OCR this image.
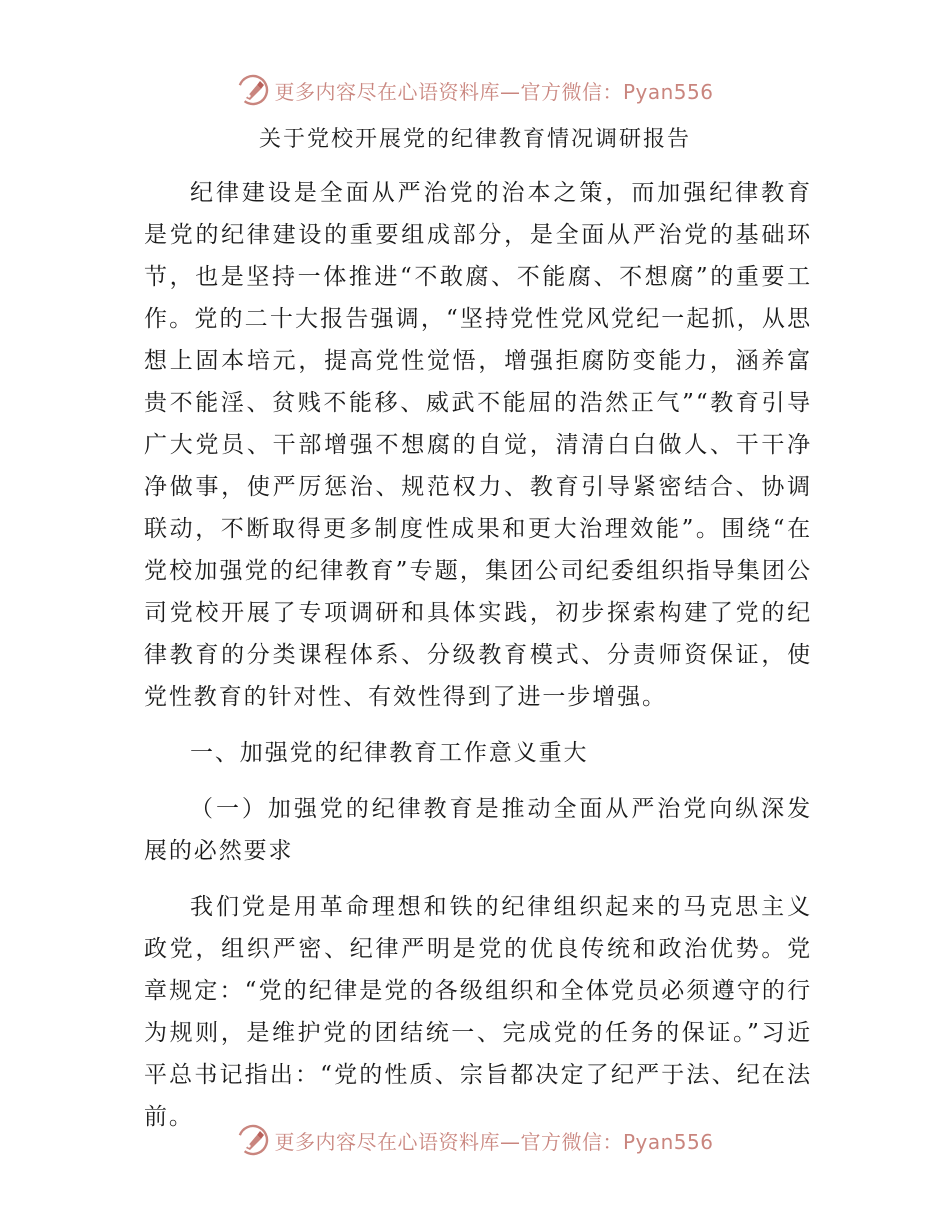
更多内容尽在心语资料库—官方微信：Pyan556
关于党校开展党的纪律教育情况调研报告

纪律建设是全面从严治党的治本之策，而加强纪律教育是党的纪律建设的重要组成部分，是全面从严治党的基础环节，也是坚持一体推进“不敢腐、不能腐、不想腐”的重要工作。党的二十大报告强调，“坚持党性党风党纪一起抓，从思想上固本培元，提高党性觉悟，增强拒腐防变能力，涵养富贵不能淫、贫贱不能移、威武不能屈的浩然正气”“教育引导广大党员、干部增强不想腐的自觉，清清白白做人、干干净净做事，使严厉惩治、规范权力、教育引导紧密结合、协调联动，不断取得更多制度性成果和更大治理效能”。围绕“在党校加强党的纪律教育”专题，集团公司纪委组织指导集团公司党校开展了专项调研和具体实践，初步探索构建了党的纪律教育的分类课程体系、分级教育模式、分责师资保证，使党性教育的针对性、有效性得到了进一步增强。

一、加强党的纪律教育工作意义重大

（一）加强党的纪律教育是推动全面从严治党向纵深发展的必然要求

我们党是用革命理想和铁的纪律组织起来的马克思主义政党，组织严密、纪律严明是党的优良传统和政治优势。党章规定：“党的纪律是党的各级组织和全体党员必须遵守的行为规则，是维护党的团结统一、完成党的任务的保证。”习近平总书记指出：“党的性质、宗旨都决定了纪严于法、纪在法前。

更多内容尽在心语资料库—官方微信：Pyan556
